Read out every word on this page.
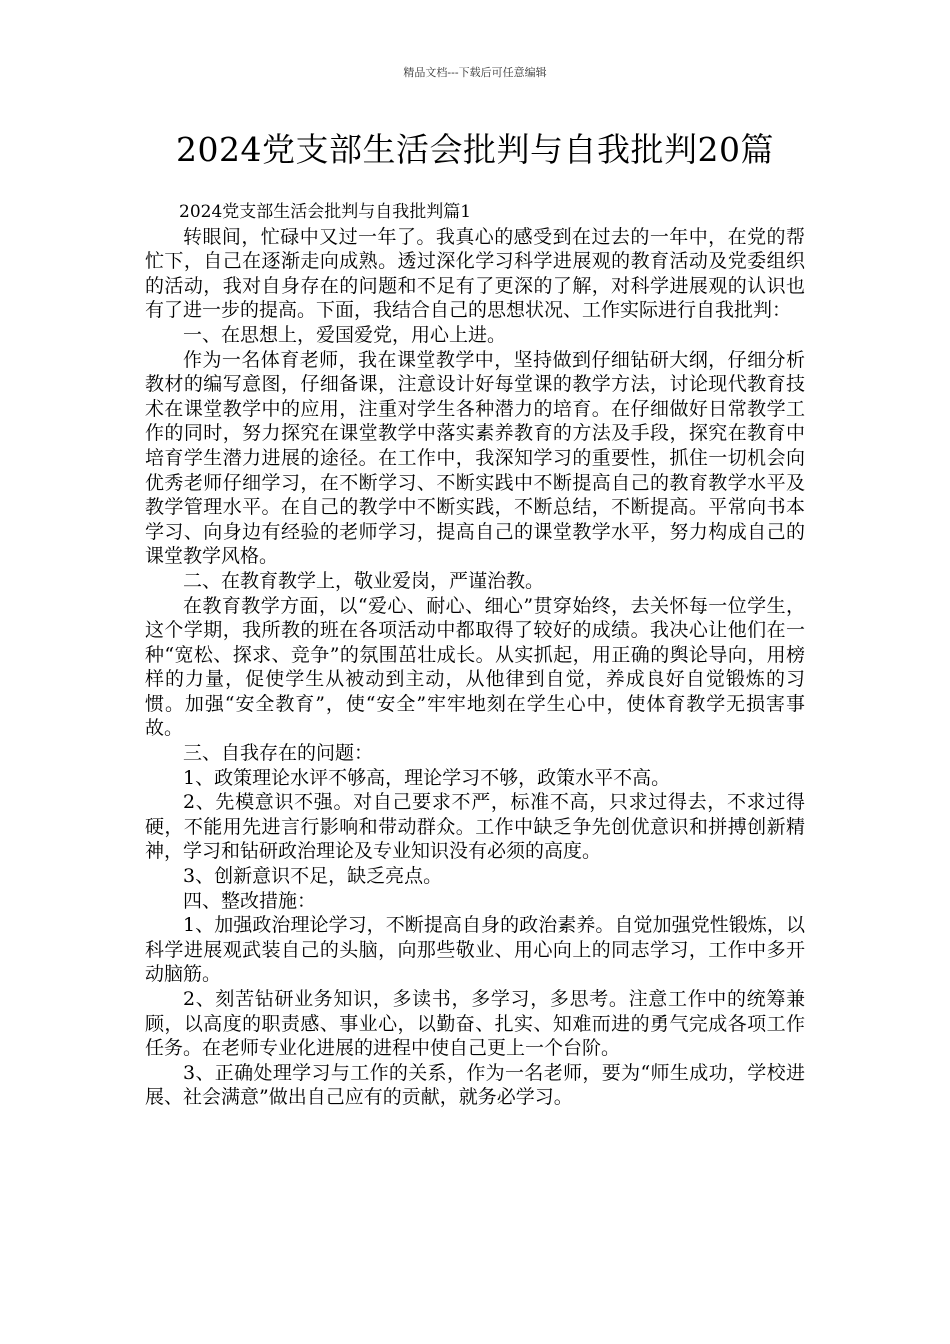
精品文档---下载后可任意编辑
2024党支部生活会批判与自我批判20篇

2024党支部生活会批判与自我批判篇1

转眼间，忙碌中又过一年了。我真心的感受到在过去的一年中，在党的帮忙下，自己在逐渐走向成熟。透过深化学习科学进展观的教育活动及党委组织的活动，我对自身存在的问题和不足有了更深的了解，对科学进展观的认识也有了进一步的提高。下面，我结合自己的思想状况、工作实际进行自我批判：

一、在思想上，爱国爱党，用心上进。

作为一名体育老师，我在课堂教学中，坚持做到仔细钻研大纲，仔细分析教材的编写意图，仔细备课，注意设计好每堂课的教学方法，讨论现代教育技术在课堂教学中的应用，注重对学生各种潜力的培育。在仔细做好日常教学工作的同时，努力探究在课堂教学中落实素养教育的方法及手段，探究在教育中培育学生潜力进展的途径。在工作中，我深知学习的重要性，抓住一切机会向优秀老师仔细学习，在不断学习、不断实践中不断提高自己的教育教学水平及教学管理水平。在自己的教学中不断实践，不断总结，不断提高。平常向书本学习、向身边有经验的老师学习，提高自己的课堂教学水平，努力构成自己的课堂教学风格。

二、在教育教学上，敬业爱岗，严谨治教。

在教育教学方面，以“爱心、耐心、细心”贯穿始终，去关怀每一位学生，这个学期，我所教的班在各项活动中都取得了较好的成绩。我决心让他们在一种“宽松、探求、竞争”的氛围茁壮成长。从实抓起，用正确的舆论导向，用榜样的力量，促使学生从被动到主动，从他律到自觉，养成良好自觉锻炼的习惯。加强“安全教育”，使“安全”牢牢地刻在学生心中，使体育教学无损害事故。

三、自我存在的问题：

1、政策理论水评不够高，理论学习不够，政策水平不高。

2、先模意识不强。对自己要求不严，标准不高，只求过得去，不求过得硬，不能用先进言行影响和带动群众。工作中缺乏争先创优意识和拼搏创新精神，学习和钻研政治理论及专业知识没有必须的高度。

3、创新意识不足，缺乏亮点。

四、整改措施：

1、加强政治理论学习，不断提高自身的政治素养。自觉加强党性锻炼，以科学进展观武装自己的头脑，向那些敬业、用心向上的同志学习，工作中多开动脑筋。

2、刻苦钻研业务知识，多读书，多学习，多思考。注意工作中的统筹兼顾，以高度的职责感、事业心，以勤奋、扎实、知难而进的勇气完成各项工作任务。在老师专业化进展的进程中使自己更上一个台阶。

3、正确处理学习与工作的关系，作为一名老师，要为“师生成功，学校进展、社会满意”做出自己应有的贡献，就务必学习。
